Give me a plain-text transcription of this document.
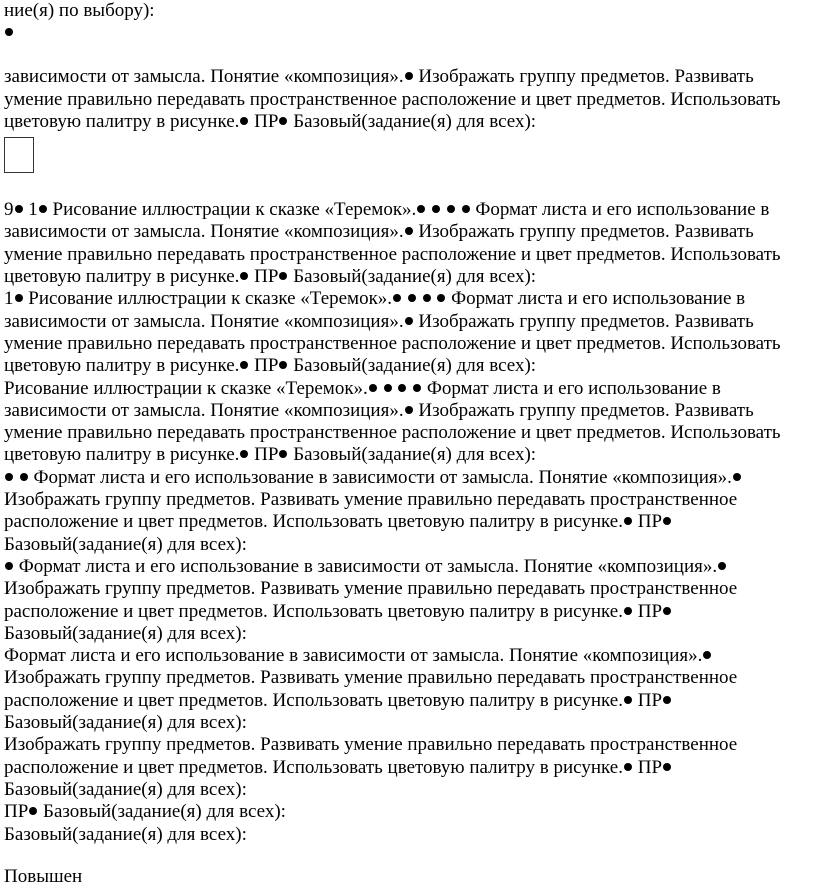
ние(я) по выбору):
зависимости от замысла. Понятие «композиция». Изображать группу предметов. Развивать умение правильно передавать пространственное расположение и цвет предметов. Использовать цветовую палитру в рисунке. ПР Базовый(задание(я) для всех):
9 1 Рисование иллюстрации к сказке «Теремок».	Формат листа и его использование в зависимости от замысла. Понятие «композиция». Изображать группу предметов. Развивать умение правильно передавать пространственное расположение и цвет предметов. Использовать цветовую палитру в рисунке. ПР Базовый(задание(я) для всех):
1 Рисование иллюстрации к сказке «Теремок».	Формат листа и его использование в зависимости от замысла. Понятие «композиция». Изображать группу предметов. Развивать умение правильно передавать пространственное расположение и цвет предметов. Использовать цветовую палитру в рисунке. ПР Базовый(задание(я) для всех):
Рисование иллюстрации к сказке «Теремок».	Формат листа и его использование в зависимости от замысла. Понятие «композиция». Изображать группу предметов. Развивать умение правильно передавать пространственное расположение и цвет предметов. Использовать цветовую палитру в рисунке. ПР Базовый(задание(я) для всех):
Формат листа и его использование в зависимости от замысла. Понятие «композиция». Изображать группу предметов. Развивать умение правильно передавать пространственное расположение и цвет предметов. Использовать цветовую палитру в рисунке. ПР Базовый(задание(я) для всех):
Формат листа и его использование в зависимости от замысла. Понятие «композиция». Изображать группу предметов. Развивать умение правильно передавать пространственное расположение и цвет предметов. Использовать цветовую палитру в рисунке. ПР Базовый(задание(я) для всех):
Формат листа и его использование в зависимости от замысла. Понятие «композиция». Изображать группу предметов. Развивать умение правильно передавать пространственное расположение и цвет предметов. Использовать цветовую палитру в рисунке. ПР Базовый(задание(я) для всех):
Изображать группу предметов. Развивать умение правильно передавать пространственное расположение и цвет предметов. Использовать цветовую палитру в рисунке. ПР Базовый(задание(я) для всех):
ПР Базовый(задание(я) для всех):
Базовый(задание(я) для всех):
Повышен
